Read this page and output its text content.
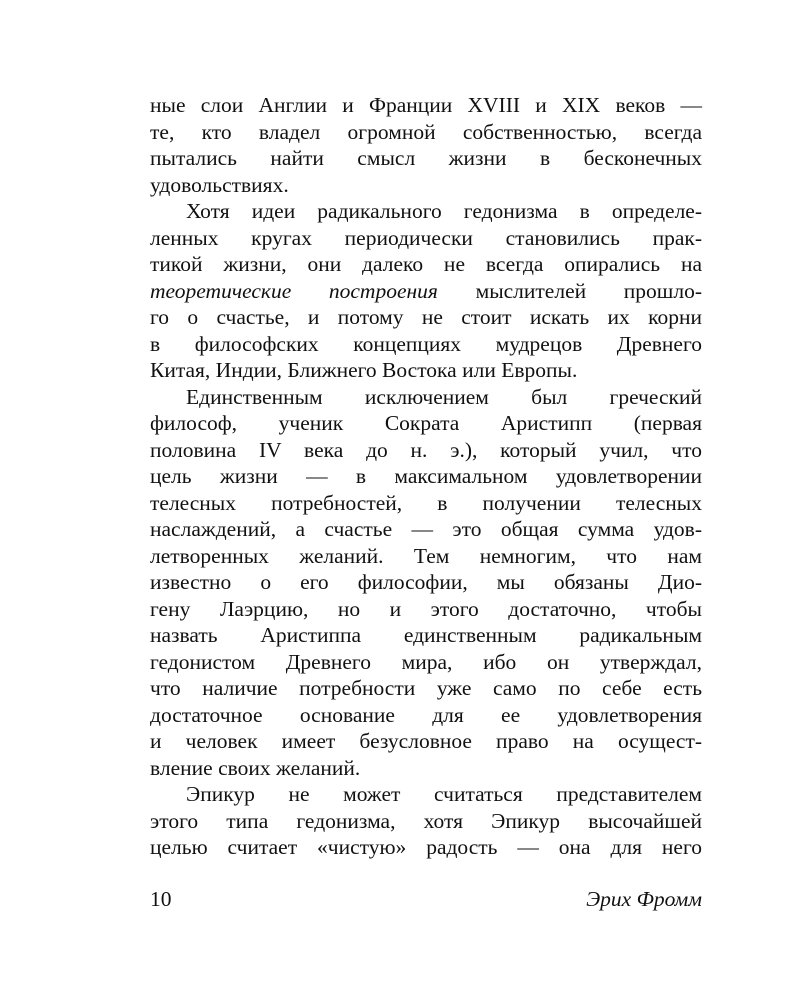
ные слои Англии и Франции XVIII и XIX веков —
те, кто владел огромной собственностью, всегда
пытались найти смысл жизни в бесконечных
удовольствиях.
Хотя идеи радикального гедонизма в определе-
ленных кругах периодически становились прак-
тикой жизни, они далеко не всегда опирались на
теоретические построения мыслителей прошло-
го о счастье, и потому не стоит искать их корни
в философских концепциях мудрецов Древнего
Китая, Индии, Ближнего Востока или Европы.
Единственным исключением был греческий
философ, ученик Сократа Аристипп (первая
половина IV века до н. э.), который учил, что
цель жизни — в максимальном удовлетворении
телесных потребностей, в получении телесных
наслаждений, а счастье — это общая сумма удов-
летворенных желаний. Тем немногим, что нам
известно о его философии, мы обязаны Дио-
гену Лаэрцию, но и этого достаточно, чтобы
назвать Аристиппа единственным радикальным
гедонистом Древнего мира, ибо он утверждал,
что наличие потребности уже само по себе есть
достаточное основание для ее удовлетворения
и человек имеет безусловное право на осущест-
вление своих желаний.
Эпикур не может считаться представителем
этого типа гедонизма, хотя Эпикур высочайшей
целью считает «чистую» радость — она для него
10	Эрих Фромм
